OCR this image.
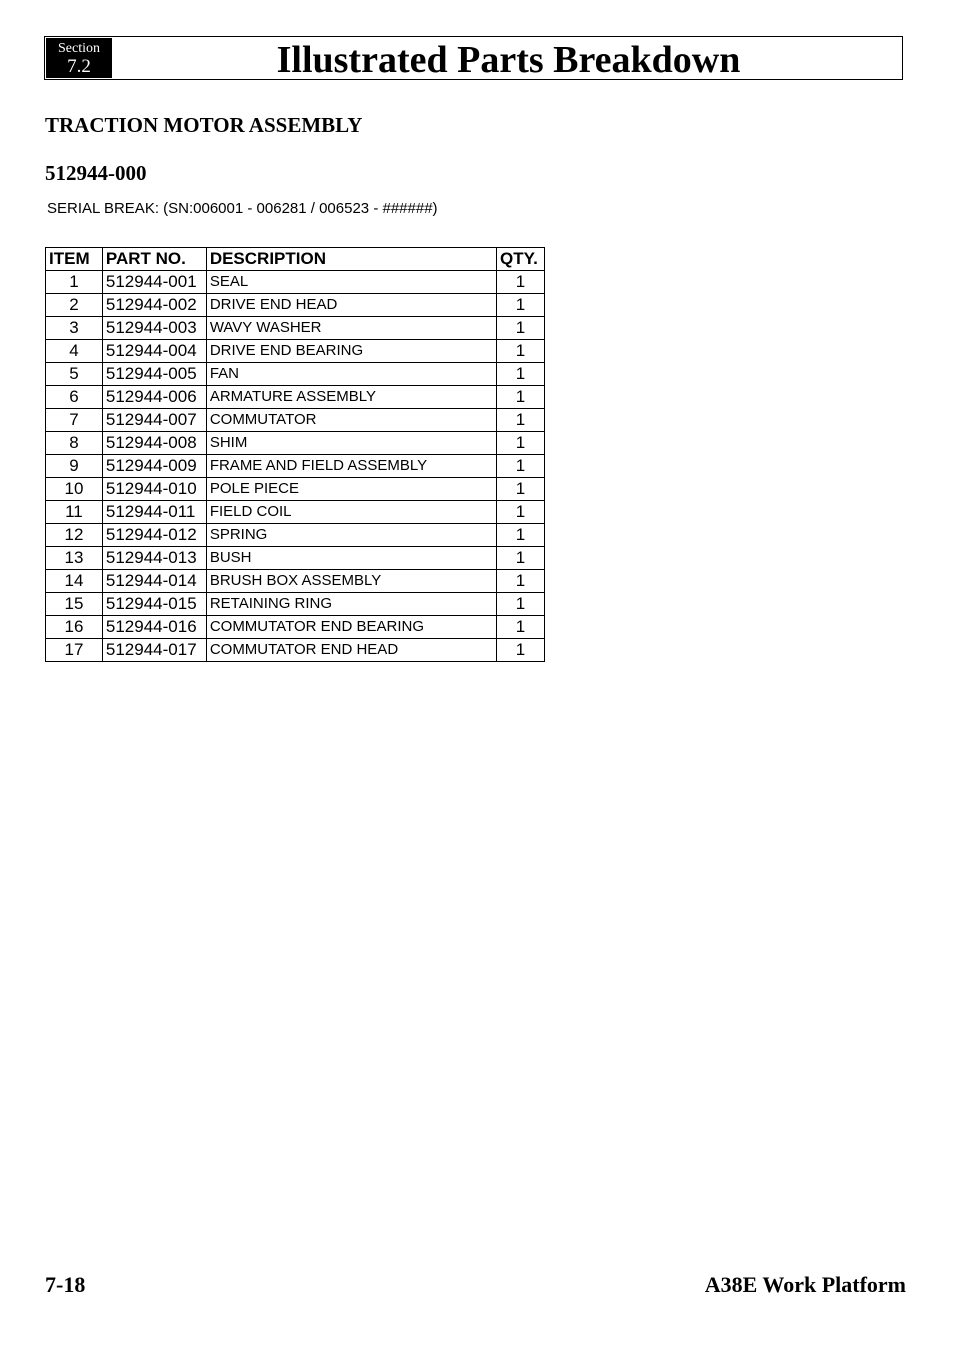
Section
7.2	Illustrated Parts Breakdown
TRACTION MOTOR ASSEMBLY
512944-000
SERIAL BREAK: (SN:006001 - 006281 / 006523 - ######)
ITEM	PART NO.	DESCRIPTION	QTY.
1	512944-001	SEAL	1
2	512944-002	DRIVE END HEAD	1
3	512944-003	WAVY WASHER	1
4	512944-004	DRIVE END BEARING	1
5	512944-005	FAN	1
6	512944-006	ARMATURE ASSEMBLY	1
7	512944-007	COMMUTATOR	1
8	512944-008	SHIM	1
9	512944-009	FRAME AND FIELD ASSEMBLY	1
10	512944-010	POLE PIECE	1
11	512944-011	FIELD COIL	1
12	512944-012	SPRING	1
13	512944-013	BUSH	1
14	512944-014	BRUSH BOX ASSEMBLY	1
15	512944-015	RETAINING RING	1
16	512944-016	COMMUTATOR END BEARING	1
17	512944-017	COMMUTATOR END HEAD	1
7-18	A38E Work Platform
